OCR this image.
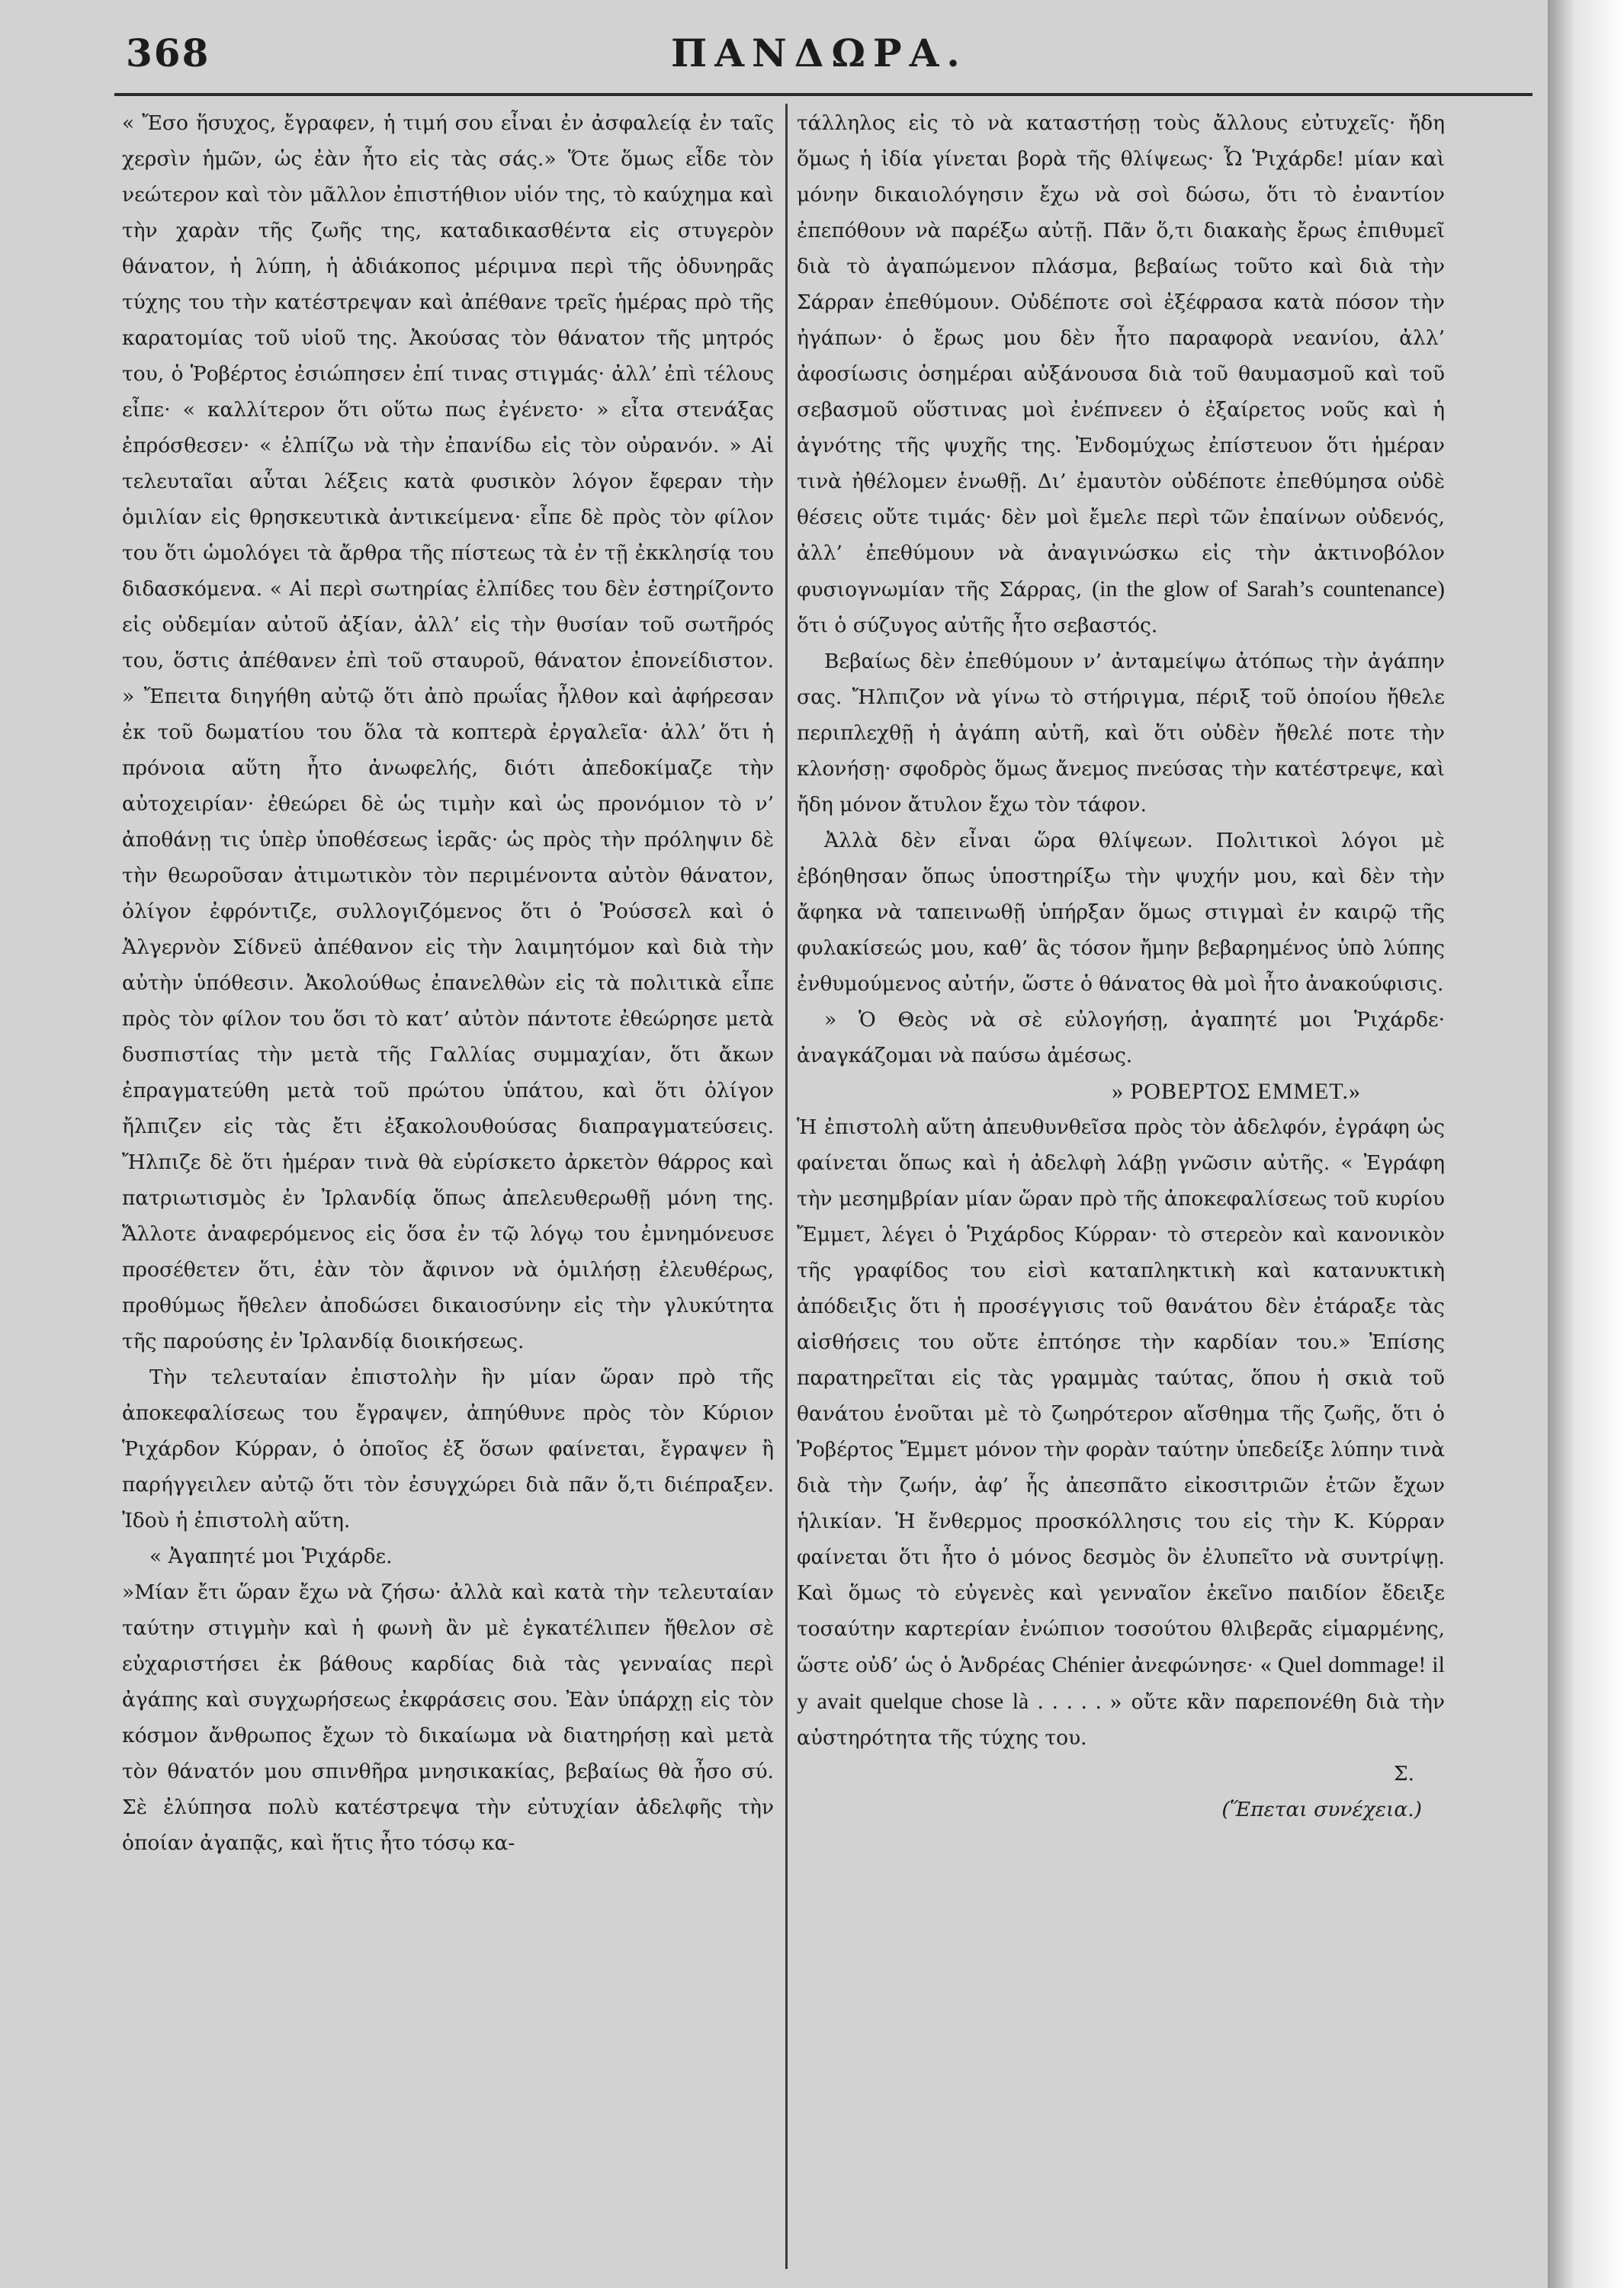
368	ΠΑΝΔΩΡΑ.

« Ἔσο ἥσυχος, ἔγραφεν, ἡ τιμή σου εἶναι ἐν ἀσφαλείᾳ ἐν ταῖς χερσὶν ἡμῶν, ὡς ἐὰν ἦτο εἰς τὰς σάς.» Ὅτε ὅμως εἶδε τὸν νεώτερον καὶ τὸν μᾶλλον ἐπιστήθιον υἱόν της, τὸ καύχημα καὶ τὴν χαρὰν τῆς ζωῆς της, καταδικασθέντα εἰς στυγερὸν θάνατον, ἡ λύπη, ἡ ἀδιάκοπος μέριμνα περὶ τῆς ὀδυνηρᾶς τύχης του τὴν κατέστρεψαν καὶ ἀπέθανε τρεῖς ἡμέρας πρὸ τῆς καρατομίας τοῦ υἱοῦ της. Ἀκούσας τὸν θάνατον τῆς μητρός του, ὁ Ῥοβέρτος ἐσιώπησεν ἐπί τινας στιγμάς· ἀλλ’ ἐπὶ τέλους εἶπε· « καλλίτερον ὅτι οὕτω πως ἐγένετο· » εἶτα στενάξας ἐπρόσθεσεν· « ἐλπίζω νὰ τὴν ἐπανίδω εἰς τὸν οὐρανόν. » Αἱ τελευταῖαι αὗται λέξεις κατὰ φυσικὸν λόγον ἔφεραν τὴν ὁμιλίαν εἰς θρησκευτικὰ ἀντικείμενα· εἶπε δὲ πρὸς τὸν φίλον του ὅτι ὡμολόγει τὰ ἄρθρα τῆς πίστεως τὰ ἐν τῇ ἐκκλησίᾳ του διδασκόμενα. « Αἱ περὶ σωτηρίας ἐλπίδες του δὲν ἐστηρίζοντο εἰς οὐδεμίαν αὐτοῦ ἀξίαν, ἀλλ’ εἰς τὴν θυσίαν τοῦ σωτῆρός του, ὅστις ἀπέθανεν ἐπὶ τοῦ σταυροῦ, θάνατον ἐπονείδιστον. » Ἔπειτα διηγήθη αὐτῷ ὅτι ἀπὸ πρωΐας ἦλθον καὶ ἀφήρεσαν ἐκ τοῦ δωματίου του ὅλα τὰ κοπτερὰ ἐργαλεῖα· ἀλλ’ ὅτι ἡ πρόνοια αὕτη ἦτο ἀνωφελής, διότι ἀπεδοκίμαζε τὴν αὐτοχειρίαν· ἐθεώρει δὲ ὡς τιμὴν καὶ ὡς προνόμιον τὸ ν’ ἀποθάνῃ τις ὑπὲρ ὑποθέσεως ἱερᾶς· ὡς πρὸς τὴν πρόληψιν δὲ τὴν θεωροῦσαν ἀτιμωτικὸν τὸν περιμένοντα αὐτὸν θάνατον, ὀλίγον ἐφρόντιζε, συλλογιζόμενος ὅτι ὁ Ῥούσσελ καὶ ὁ Ἀλγερνὸν Σίδνεϋ ἀπέθανον εἰς τὴν λαιμητόμον καὶ διὰ τὴν αὐτὴν ὑπόθεσιν. Ἀκολούθως ἐπανελθὼν εἰς τὰ πολιτικὰ εἶπε πρὸς τὸν φίλον του ὅσι τὸ κατ’ αὐτὸν πάντοτε ἐθεώρησε μετὰ δυσπιστίας τὴν μετὰ τῆς Γαλλίας συμμαχίαν, ὅτι ἄκων ἐπραγματεύθη μετὰ τοῦ πρώτου ὑπάτου, καὶ ὅτι ὀλίγον ἤλπιζεν εἰς τὰς ἔτι ἐξακολουθούσας διαπραγματεύσεις. Ἤλπιζε δὲ ὅτι ἡμέραν τινὰ θὰ εὑρίσκετο ἀρκετὸν θάρρος καὶ πατριωτισμὸς ἐν Ἰρλανδίᾳ ὅπως ἀπελευθερωθῇ μόνη της. Ἄλλοτε ἀναφερόμενος εἰς ὅσα ἐν τῷ λόγῳ του ἐμνημόνευσε προσέθετεν ὅτι, ἐὰν τὸν ἄφινον νὰ ὁμιλήσῃ ἐλευθέρως, προθύμως ἤθελεν ἀποδώσει δικαιοσύνην εἰς τὴν γλυκύτητα τῆς παρούσης ἐν Ἰρλανδίᾳ διοικήσεως.

Τὴν τελευταίαν ἐπιστολὴν ἣν μίαν ὥραν πρὸ τῆς ἀποκεφαλίσεως του ἔγραψεν, ἀπηύθυνε πρὸς τὸν Κύριον Ῥιχάρδον Κύρραν, ὁ ὁποῖος ἐξ ὅσων φαίνεται, ἔγραψεν ἢ παρήγγειλεν αὐτῷ ὅτι τὸν ἐσυγχώρει διὰ πᾶν ὅ,τι διέπραξεν. Ἰδοὺ ἡ ἐπιστολὴ αὕτη.

« Ἀγαπητέ μοι Ῥιχάρδε.

»Μίαν ἔτι ὥραν ἔχω νὰ ζήσω· ἀλλὰ καὶ κατὰ τὴν τελευταίαν ταύτην στιγμὴν καὶ ἡ φωνὴ ἂν μὲ ἐγκατέλιπεν ἤθελον σὲ εὐχαριστήσει ἐκ βάθους καρδίας διὰ τὰς γενναίας περὶ ἀγάπης καὶ συγχωρήσεως ἐκφράσεις σου. Ἐὰν ὑπάρχῃ εἰς τὸν κόσμον ἄνθρωπος ἔχων τὸ δικαίωμα νὰ διατηρήσῃ καὶ μετὰ τὸν θάνατόν μου σπινθῆρα μνησικακίας, βεβαίως θὰ ἦσο σύ. Σὲ ἐλύπησα πολὺ κατέστρεψα τὴν εὐτυχίαν ἀδελφῆς τὴν ὁποίαν ἀγαπᾷς, καὶ ἥτις ἦτο τόσῳ κα-

τάλληλος εἰς τὸ νὰ καταστήσῃ τοὺς ἄλλους εὐτυχεῖς· ἤδη ὅμως ἡ ἰδία γίνεται βορὰ τῆς θλίψεως· Ὦ Ῥιχάρδε! μίαν καὶ μόνην δικαιολόγησιν ἔχω νὰ σοὶ δώσω, ὅτι τὸ ἐναντίον ἐπεπόθουν νὰ παρέξω αὐτῇ. Πᾶν ὅ,τι διακαὴς ἔρως ἐπιθυμεῖ διὰ τὸ ἀγαπώμενον πλάσμα, βεβαίως τοῦτο καὶ διὰ τὴν Σάρραν ἐπεθύμουν. Οὐδέποτε σοὶ ἐξέφρασα κατὰ πόσον τὴν ἠγάπων· ὁ ἔρως μου δὲν ἦτο παραφορὰ νεανίου, ἀλλ’ ἀφοσίωσις ὁσημέραι αὐξάνουσα διὰ τοῦ θαυμασμοῦ καὶ τοῦ σεβασμοῦ οὕστινας μοὶ ἐνέπνεεν ὁ ἐξαίρετος νοῦς καὶ ἡ ἀγνότης τῆς ψυχῆς της. Ἐνδομύχως ἐπίστευον ὅτι ἡμέραν τινὰ ἠθέλομεν ἑνωθῇ. Δι’ ἐμαυτὸν οὐδέποτε ἐπεθύμησα οὐδὲ θέσεις οὔτε τιμάς· δὲν μοὶ ἔμελε περὶ τῶν ἐπαίνων οὐδενός, ἀλλ’ ἐπεθύμουν νὰ ἀναγινώσκω εἰς τὴν ἀκτινοβόλον φυσιογνωμίαν τῆς Σάρρας, (in the glow of Sarah’s countenance) ὅτι ὁ σύζυγος αὐτῆς ἦτο σεβαστός.

Βεβαίως δὲν ἐπεθύμουν ν’ ἀνταμείψω ἀτόπως τὴν ἀγάπην σας. Ἤλπιζον νὰ γίνω τὸ στήριγμα, πέριξ τοῦ ὁποίου ἤθελε περιπλεχθῇ ἡ ἀγάπη αὐτῆ, καὶ ὅτι οὐδὲν ἤθελέ ποτε τὴν κλονήσῃ· σφοδρὸς ὅμως ἄνεμος πνεύσας τὴν κατέστρεψε, καὶ ἤδη μόνον ἄτυλον ἔχω τὸν τάφον.

Ἀλλὰ δὲν εἶναι ὥρα θλίψεων. Πολιτικοὶ λόγοι μὲ ἐβόηθησαν ὅπως ὑποστηρίξω τὴν ψυχήν μου, καὶ δὲν τὴν ἄφηκα νὰ ταπεινωθῇ ὑπήρξαν ὅμως στιγμαὶ ἐν καιρῷ τῆς φυλακίσεώς μου, καθ’ ἃς τόσον ἤμην βεβαρημένος ὑπὸ λύπης ἐνθυμούμενος αὐτήν, ὥστε ὁ θάνατος θὰ μοὶ ἦτο ἀνακούφισις.

» Ὁ Θεὸς νὰ σὲ εὐλογήσῃ, ἀγαπητέ μοι Ῥιχάρδε· ἀναγκάζομαι νὰ παύσω ἀμέσως.

» ΡΟΒΕΡΤΟΣ ΕΜΜΕΤ.»

Ἡ ἐπιστολὴ αὕτη ἀπευθυνθεῖσα πρὸς τὸν ἀδελφόν, ἐγράφη ὡς φαίνεται ὅπως καὶ ἡ ἀδελφὴ λάβῃ γνῶσιν αὐτῆς. « Ἐγράφη τὴν μεσημβρίαν μίαν ὥραν πρὸ τῆς ἀποκεφαλίσεως τοῦ κυρίου Ἔμμετ, λέγει ὁ Ῥιχάρδος Κύρραν· τὸ στερεὸν καὶ κανονικὸν τῆς γραφίδος του εἰσὶ καταπληκτικὴ καὶ κατανυκτικὴ ἀπόδειξις ὅτι ἡ προσέγγισις τοῦ θανάτου δὲν ἐτάραξε τὰς αἰσθήσεις του οὔτε ἐπτόησε τὴν καρδίαν του.» Ἐπίσης παρατηρεῖται εἰς τὰς γραμμὰς ταύτας, ὅπου ἡ σκιὰ τοῦ θανάτου ἑνοῦται μὲ τὸ ζωηρότερον αἴσθημα τῆς ζωῆς, ὅτι ὁ Ῥοβέρτος Ἔμμετ μόνον τὴν φορὰν ταύτην ὑπεδείξε λύπην τινὰ διὰ τὴν ζωήν, ἀφ’ ἧς ἀπεσπᾶτο εἰκοσιτριῶν ἐτῶν ἔχων ἡλικίαν. Ἡ ἔνθερμος προσκόλλησις του εἰς τὴν Κ. Κύρραν φαίνεται ὅτι ἦτο ὁ μόνος δεσμὸς ὃν ἐλυπεῖτο νὰ συντρίψῃ. Καὶ ὅμως τὸ εὐγενὲς καὶ γενναῖον ἐκεῖνο παιδίον ἔδειξε τοσαύτην καρτερίαν ἐνώπιον τοσούτου θλιβερᾶς εἱμαρμένης, ὥστε οὐδ’ ὡς ὁ Ἀνδρέας Chénier ἀνεφώνησε· « Quel dommage! il y avait quelque chose là . . . . . » οὔτε κἂν παρεπονέθη διὰ τὴν αὐστηρότητα τῆς τύχης του.

Σ.

(Ἕπεται συνέχεια.)
